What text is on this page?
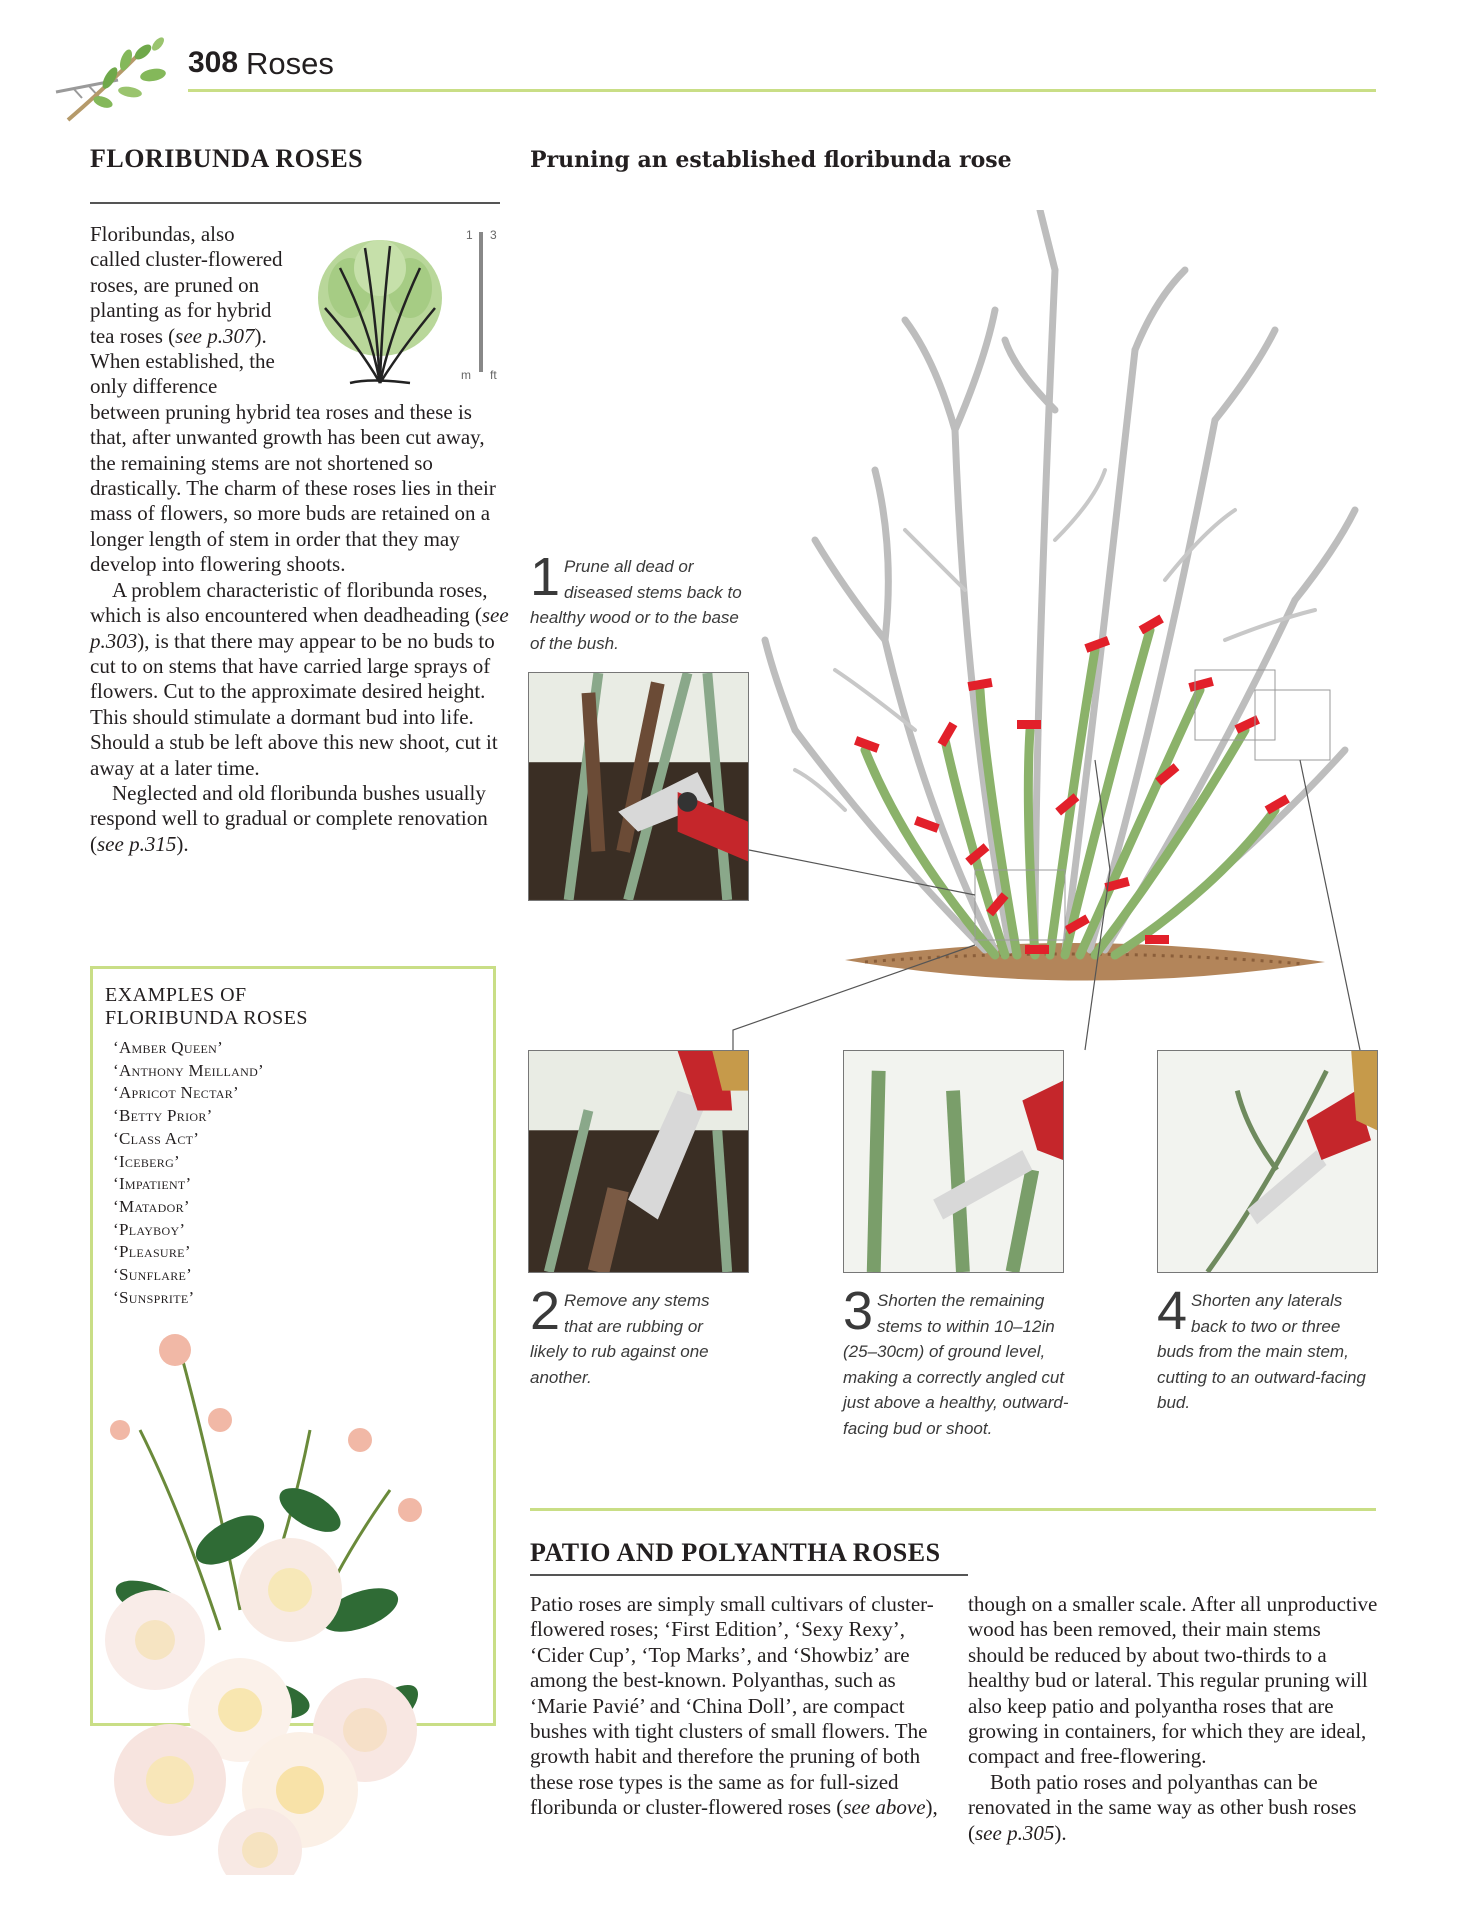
308 Roses
FLORIBUNDA ROSES

Floribundas, also called cluster-flowered roses, are pruned on planting as for hybrid tea roses (see p.307). When established, the only difference between pruning hybrid tea roses and these is that, after unwanted growth has been cut away, the remaining stems are not shortened so drastically. The charm of these roses lies in their mass of flowers, so more buds are retained on a longer length of stem in order that they may develop into flowering shoots.

A problem characteristic of floribunda roses, which is also encountered when deadheading (see p.303), is that there may appear to be no buds to cut to on stems that have carried large sprays of flowers. Cut to the approximate desired height. This should stimulate a dormant bud into life. Should a stub be left above this new shoot, cut it away at a later time.

Neglected and old floribunda bushes usually respond well to gradual or complete renovation (see p.315).

1 3
m ft
EXAMPLES OF
FLORIBUNDA ROSES
‘Amber Queen’
‘Anthony Meilland’
‘Apricot Nectar’
‘Betty Prior’
‘Class Act’
‘Iceberg’
‘Impatient’
‘Matador’
‘Playboy’
‘Pleasure’
‘Sunflare’
‘Sunsprite’
Pruning an established floribunda rose
1 Prune all dead or diseased stems back to healthy wood or to the base of the bush.
2 Remove any stems that are rubbing or likely to rub against one another.
3 Shorten the remaining stems to within 10–12in (25–30cm) of ground level, making a correctly angled cut just above a healthy, outward-facing bud or shoot.
4 Shorten any laterals back to two or three buds from the main stem, cutting to an outward-facing bud.
PATIO AND POLYANTHA ROSES

Patio roses are simply small cultivars of cluster-flowered roses; ‘First Edition’, ‘Sexy Rexy’, ‘Cider Cup’, ‘Top Marks’, and ‘Showbiz’ are among the best-known. Polyanthas, such as ‘Marie Pavié’ and ‘China Doll’, are compact bushes with tight clusters of small flowers. The growth habit and therefore the pruning of both these rose types is the same as for full-sized floribunda or cluster-flowered roses (see above),

though on a smaller scale. After all unproductive wood has been removed, their main stems should be reduced by about two-thirds to a healthy bud or lateral. This regular pruning will also keep patio and polyantha roses that are growing in containers, for which they are ideal, compact and free-flowering.

Both patio roses and polyanthas can be renovated in the same way as other bush roses (see p.305).
